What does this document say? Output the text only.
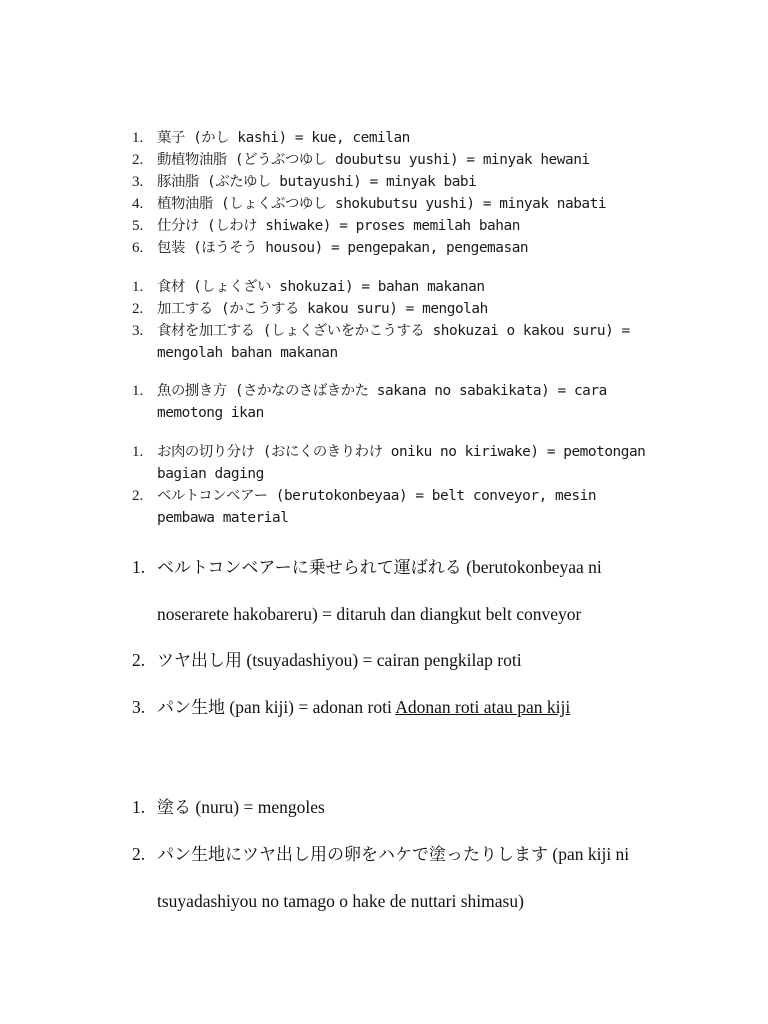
1. 菓子 (かし kashi) = kue, cemilan
2. 動植物油脂 (どうぶつゆし doubutsu yushi) = minyak hewani
3. 豚油脂 (ぶたゆし butayushi) = minyak babi
4. 植物油脂 (しょくぶつゆし shokubutsu yushi) = minyak nabati
5. 仕分け (しわけ shiwake) = proses memilah bahan
6. 包装 (ほうそう housou) = pengepakan, pengemasan
1. 食材 (しょくざい shokuzai) = bahan makanan
2. 加工する (かこうする kakou suru) = mengolah
3. 食材を加工する (しょくざいをかこうする shokuzai o kakou suru) = mengolah bahan makanan
1. 魚の捌き方 (さかなのさばきかた sakana no sabakikata) = cara memotong ikan
1. お肉の切り分け (おにくのきりわけ oniku no kiriwake) = pemotongan bagian daging
2. ベルトコンベアー (berutokonbeyaa) = belt conveyor, mesin pembawa material
1. ベルトコンベアーに乗せられて運ばれる (berutokonbeyaa ni noserarete hakobareru) = ditaruh dan diangkut belt conveyor
2. ツヤ出し用 (tsuyadashiyou) = cairan pengkilap roti
3. パン生地 (pan kiji) = adonan roti Adonan roti atau pan kiji
1. 塗る (nuru) = mengoles
2. パン生地にツヤ出し用の卵をハケで塗ったりします (pan kiji ni tsuyadashiyou no tamago o hake de nuttari shimasu)
